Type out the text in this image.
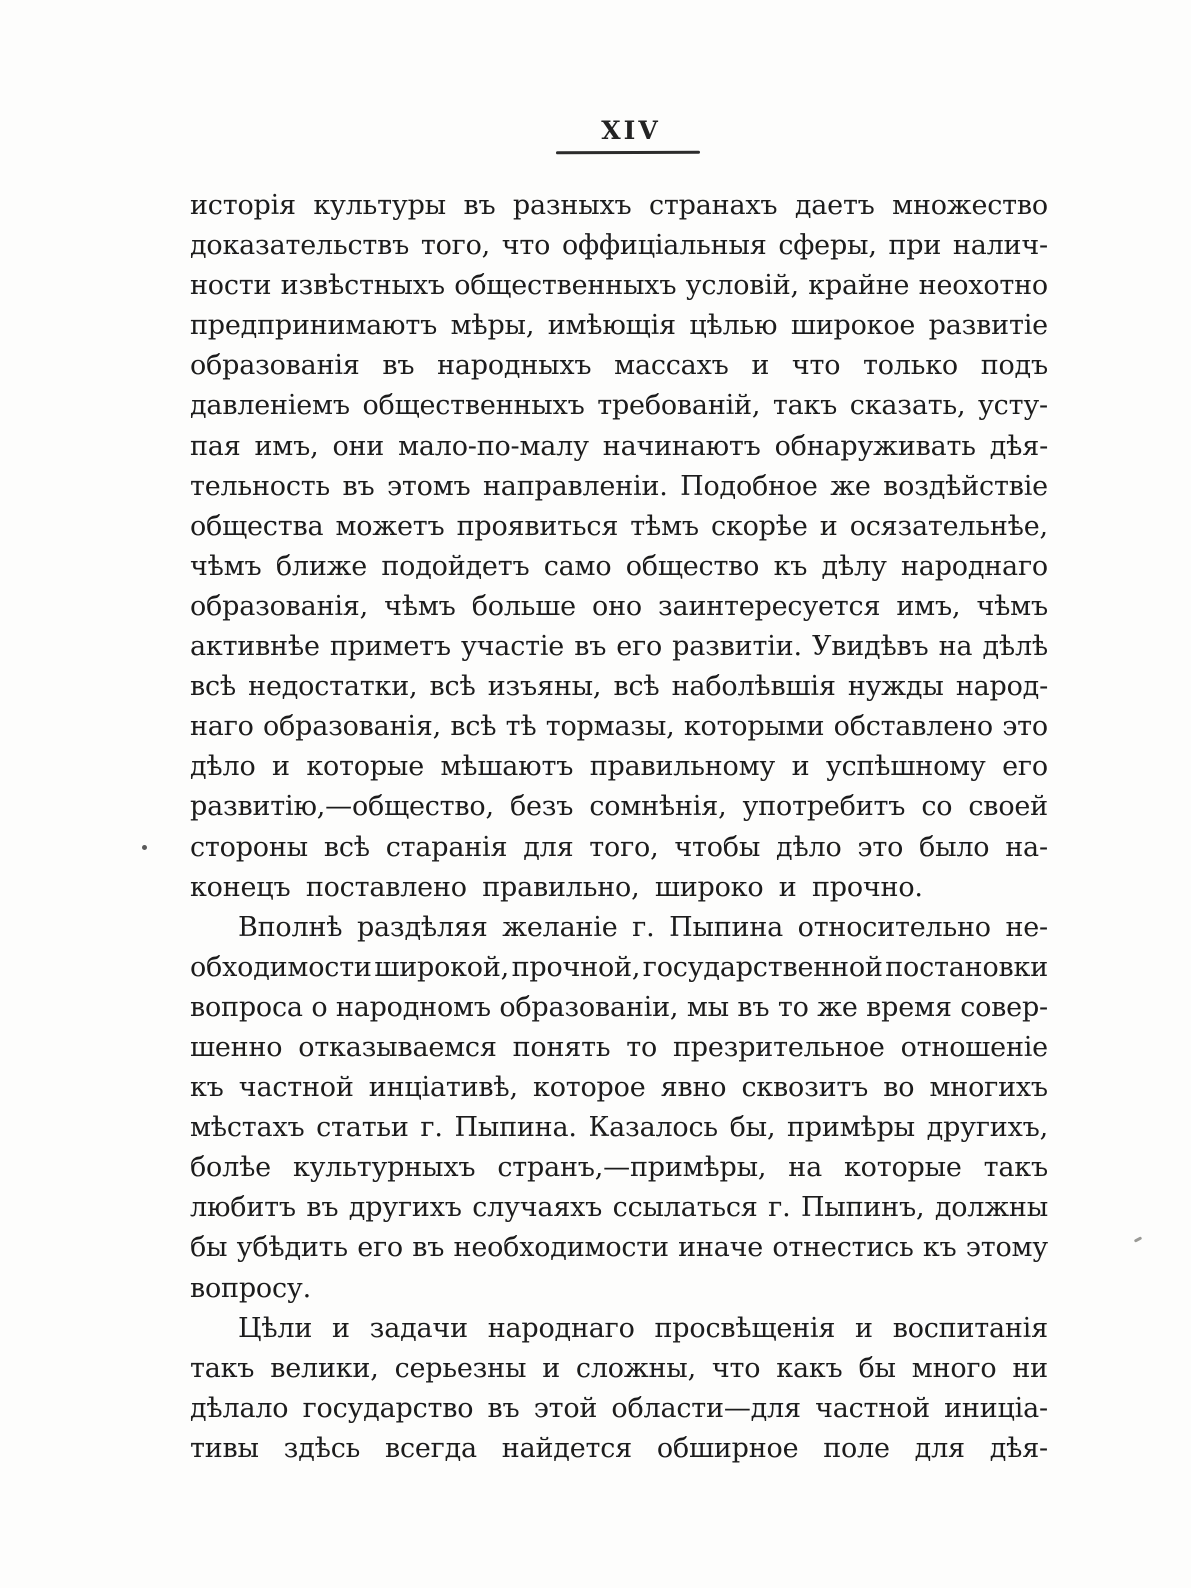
XIV
исторія культуры въ разныхъ странахъ даетъ множество
доказательствъ того, что оффиціальныя сферы, при налич-
ности извѣстныхъ общественныхъ условій, крайне неохотно
предпринимаютъ мѣры, имѣющія цѣлью широкое развитіе
образованія въ народныхъ массахъ и что только подъ
давленіемъ общественныхъ требованій, такъ сказать, усту-
пая имъ, они мало-по-малу начинаютъ обнаруживать дѣя-
тельность въ этомъ направленіи. Подобное же воздѣйствіе
общества можетъ проявиться тѣмъ скорѣе и осязательнѣе,
чѣмъ ближе подойдетъ само общество къ дѣлу народнаго
образованія, чѣмъ больше оно заинтересуется имъ, чѣмъ
активнѣе приметъ участіе въ его развитіи. Увидѣвъ на дѣлѣ
всѣ недостатки, всѣ изъяны, всѣ наболѣвшія нужды народ-
наго образованія, всѣ тѣ тормазы, которыми обставлено это
дѣло и которые мѣшаютъ правильному и успѣшному его
развитію,—общество, безъ сомнѣнія, употребитъ со своей
стороны всѣ старанія для того, чтобы дѣло это было на-
конецъ поставлено правильно, широко и прочно.
Вполнѣ раздѣляя желаніе г. Пыпина относительно не-
обходимости широкой, прочной, государственной постановки
вопроса о народномъ образованіи, мы въ то же время совер-
шенно отказываемся понять то презрительное отношеніе
къ частной инціативѣ, которое явно сквозитъ во многихъ
мѣстахъ статьи г. Пыпина. Казалось бы, примѣры другихъ,
болѣе культурныхъ странъ,—примѣры, на которые такъ
любитъ въ другихъ случаяхъ ссылаться г. Пыпинъ, должны
бы убѣдить его въ необходимости иначе отнестись къ этому
вопросу.
Цѣли и задачи народнаго просвѣщенія и воспитанія
такъ велики, серьезны и сложны, что какъ бы много ни
дѣлало государство въ этой области—для частной иниціа-
тивы здѣсь всегда найдется обширное поле для дѣя-
